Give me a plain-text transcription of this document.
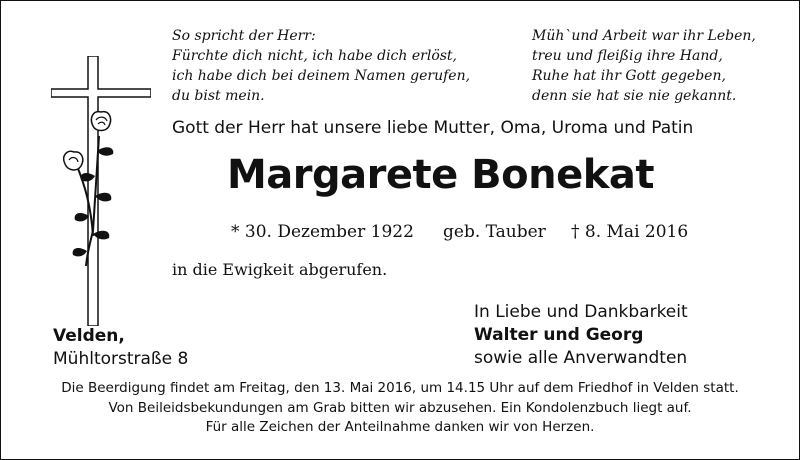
So spricht der Herr:
Fürchte dich nicht, ich habe dich erlöst,
ich habe dich bei deinem Namen gerufen,
du bist mein.
Müh`und Arbeit war ihr Leben,
treu und fleißig ihre Hand,
Ruhe hat ihr Gott gegeben,
denn sie hat sie nie gekannt.
Gott der Herr hat unsere liebe Mutter, Oma, Uroma und Patin
Margarete Bonekat
* 30. Dezember 1922 geb. Tauber † 8. Mai 2016
in die Ewigkeit abgerufen.
In Liebe und Dankbarkeit
Walter und Georg
sowie alle Anverwandten
Velden,
Mühltorstraße 8
Die Beerdigung findet am Freitag, den 13. Mai 2016, um 14.15 Uhr auf dem Friedhof in Velden statt.
Von Beileidsbekundungen am Grab bitten wir abzusehen. Ein Kondolenzbuch liegt auf.
Für alle Zeichen der Anteilnahme danken wir von Herzen.
